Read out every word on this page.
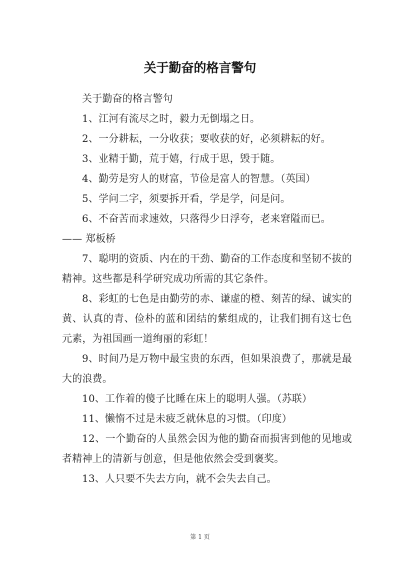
关于勤奋的格言警句

关于勤奋的格言警句

1、江河有流尽之时，毅力无倒塌之日。

2、一分耕耘，一分收获；要收获的好，必须耕耘的好。

3、业精于勤，荒于嬉，行成于思，毁于随。

4、勤劳是穷人的财富，节俭是富人的智慧。（英国）

5、学问二字，须要拆开看，学是学，问是问。

6、不奋苦而求速效，只落得少日浮夸，老来窘隘而已。

—— 郑板桥

7、聪明的资质、内在的干劲、勤奋的工作态度和坚韧不拔的精神。这些都是科学研究成功所需的其它条件。

8、彩虹的七色是由勤劳的赤、谦虚的橙、刻苦的绿、诚实的黄、认真的青、俭朴的蓝和团结的紫组成的，让我们拥有这七色元素，为祖国画一道绚丽的彩虹！

9、时间乃是万物中最宝贵的东西，但如果浪费了，那就是最大的浪费。

10、工作着的傻子比睡在床上的聪明人强。（苏联）

11、懒惰不过是未疲乏就休息的习惯。（印度）

12、一个勤奋的人虽然会因为他的勤奋而损害到他的见地或者精神上的清新与创意，但是他依然会受到褒奖。

13、人只要不失去方向，就不会失去自己。

第 1 页
